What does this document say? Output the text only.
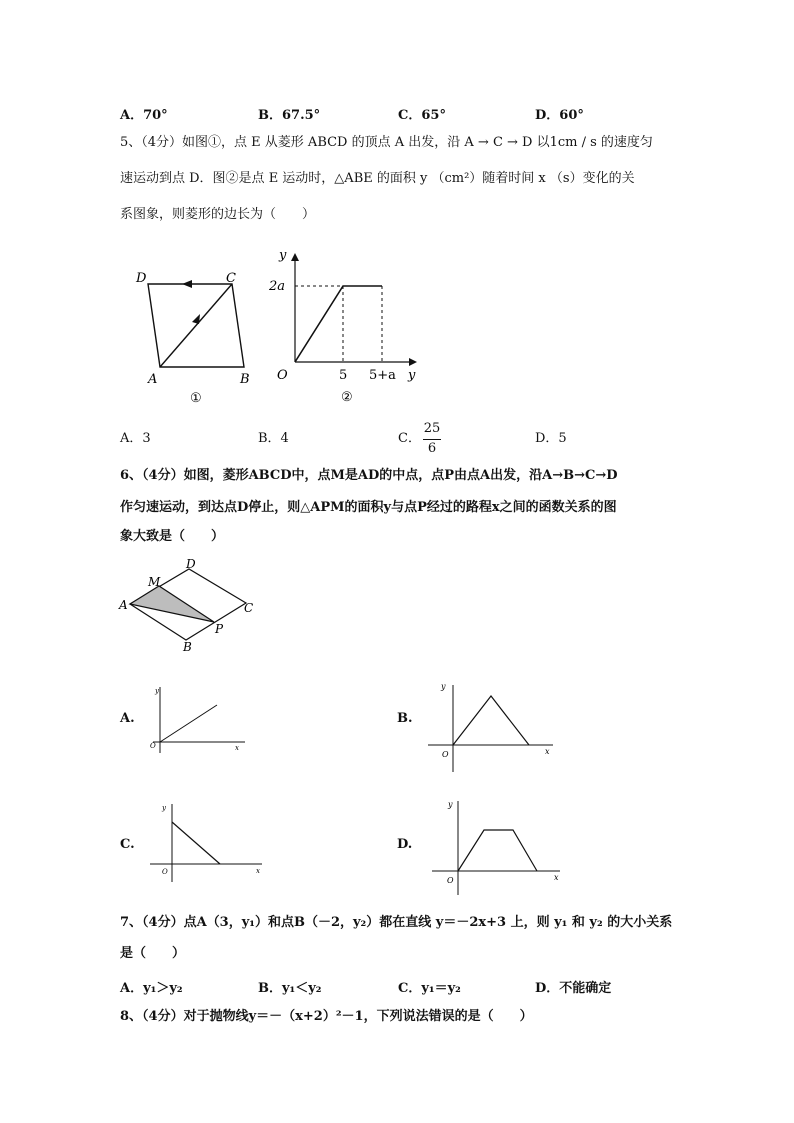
A．70°	B．67.5°	C．65°	D．60°
5、（4分）如图①，点 E 从菱形 ABCD 的顶点 A 出发，沿 A → C → D 以1cm / s 的速度匀
速运动到点 D．图②是点 E 运动时，△ABE 的面积 y （cm²）随着时间 x （s）变化的关
系图象，则菱形的边长为（　　）
D	C
A	B
①
y
2a
O	5 5+a y
②
A．3	B．4	C．
25
6
D．5
6、（4分）如图，菱形ABCD中，点M是AD的中点，点P由点A出发，沿A→B→C→D
作匀速运动，到达点D停止，则△APM的面积y与点P经过的路程x之间的函数关系的图
象大致是（　　）
M
D
A	C
P
B
A.
y
x
O
B.
y
x
O
C.
y
x
O
D.
y
x
O
7、（4分）点A（3，y₁）和点B（－2，y₂）都在直线 y＝－2x+3 上，则 y₁ 和 y₂ 的大小关系
是（　　）
A．y₁＞y₂	B．y₁＜y₂	C．y₁＝y₂	D．不能确定
8、（4分）对于抛物线y＝－（x+2）²－1，下列说法错误的是（　　）
